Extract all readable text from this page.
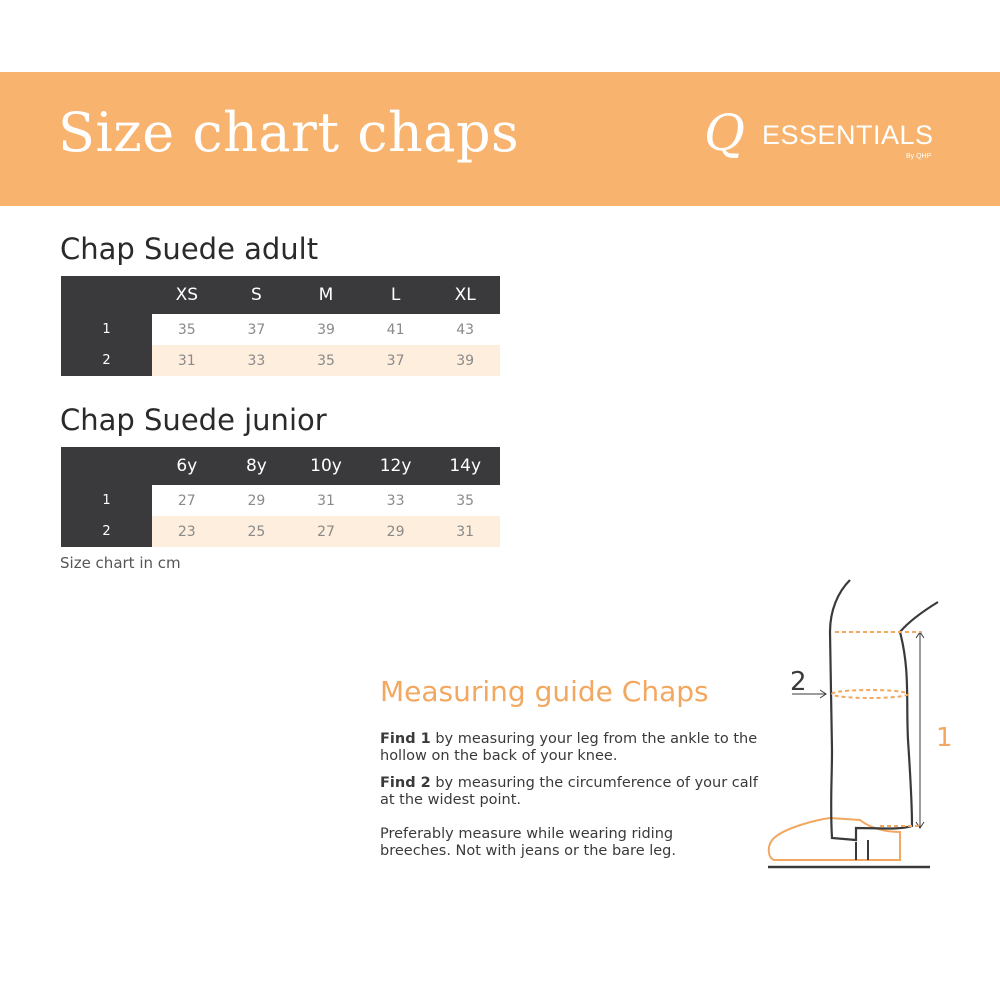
Size chart chaps	Q ESSENTIALS
By QHP
Chap Suede adult
	XS	S	M	L	XL
1	35	37	39	41	43
2	31	33	35	37	39
Chap Suede junior
	6y	8y	10y	12y	14y
1	27	29	31	33	35
2	23	25	27	29	31

Size chart in cm

Measuring guide Chaps

Find 1 by measuring your leg from the ankle to the hollow on the back of your knee.

Find 2 by measuring the circumference of your calf at the widest point.

Preferably measure while wearing riding breeches. Not with jeans or the bare leg.

2
1
